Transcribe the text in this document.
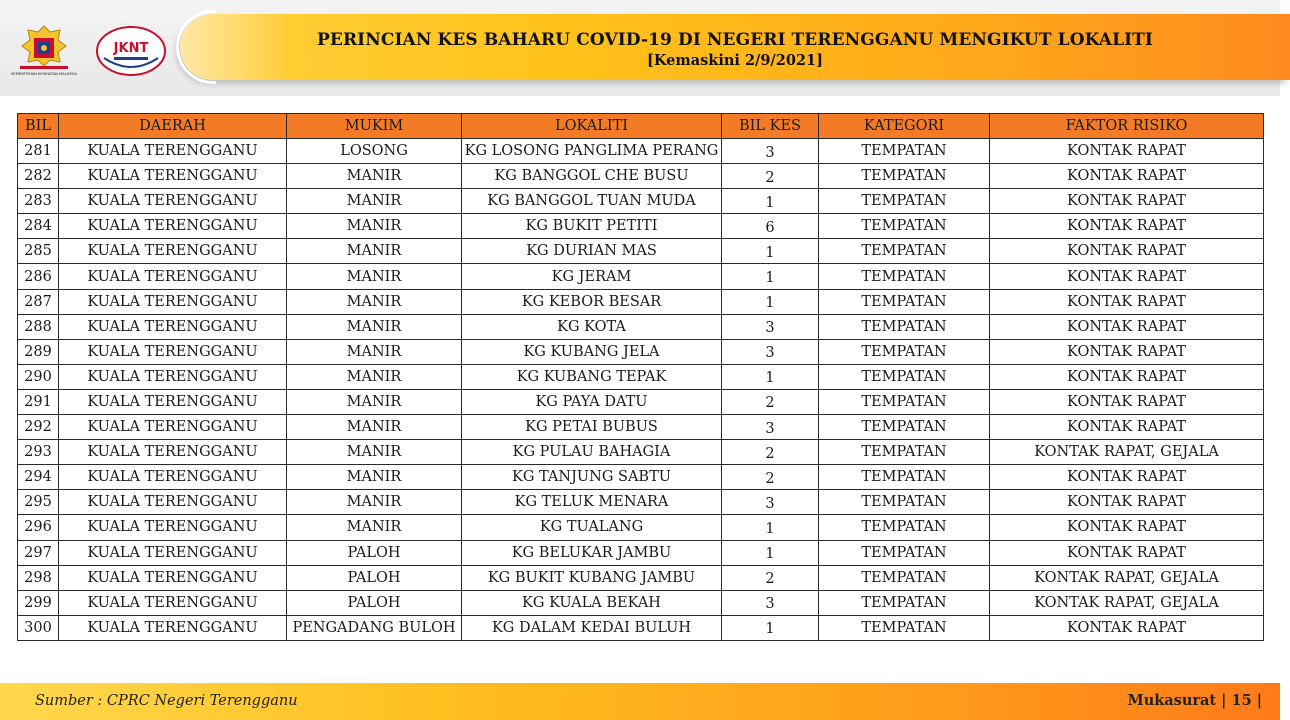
KEMENTERIAN KESIHATAN MALAYSIA
JKNT	PERINCIAN KES BAHARU COVID-19 DI NEGERI TERENGGANU MENGIKUT LOKALITI
[Kemaskini 2/9/2021]
BIL	DAERAH	MUKIM	LOKALITI	BIL KES	KATEGORI	FAKTOR RISIKO
281	KUALA TERENGGANU	LOSONG	KG LOSONG PANGLIMA PERANG	3	TEMPATAN	KONTAK RAPAT
282	KUALA TERENGGANU	MANIR	KG BANGGOL CHE BUSU	2	TEMPATAN	KONTAK RAPAT
283	KUALA TERENGGANU	MANIR	KG BANGGOL TUAN MUDA	1	TEMPATAN	KONTAK RAPAT
284	KUALA TERENGGANU	MANIR	KG BUKIT PETITI	6	TEMPATAN	KONTAK RAPAT
285	KUALA TERENGGANU	MANIR	KG DURIAN MAS	1	TEMPATAN	KONTAK RAPAT
286	KUALA TERENGGANU	MANIR	KG JERAM	1	TEMPATAN	KONTAK RAPAT
287	KUALA TERENGGANU	MANIR	KG KEBOR BESAR	1	TEMPATAN	KONTAK RAPAT
288	KUALA TERENGGANU	MANIR	KG KOTA	3	TEMPATAN	KONTAK RAPAT
289	KUALA TERENGGANU	MANIR	KG KUBANG JELA	3	TEMPATAN	KONTAK RAPAT
290	KUALA TERENGGANU	MANIR	KG KUBANG TEPAK	1	TEMPATAN	KONTAK RAPAT
291	KUALA TERENGGANU	MANIR	KG PAYA DATU	2	TEMPATAN	KONTAK RAPAT
292	KUALA TERENGGANU	MANIR	KG PETAI BUBUS	3	TEMPATAN	KONTAK RAPAT
293	KUALA TERENGGANU	MANIR	KG PULAU BAHAGIA	2	TEMPATAN	KONTAK RAPAT, GEJALA
294	KUALA TERENGGANU	MANIR	KG TANJUNG SABTU	2	TEMPATAN	KONTAK RAPAT
295	KUALA TERENGGANU	MANIR	KG TELUK MENARA	3	TEMPATAN	KONTAK RAPAT
296	KUALA TERENGGANU	MANIR	KG TUALANG	1	TEMPATAN	KONTAK RAPAT
297	KUALA TERENGGANU	PALOH	KG BELUKAR JAMBU	1	TEMPATAN	KONTAK RAPAT
298	KUALA TERENGGANU	PALOH	KG BUKIT KUBANG JAMBU	2	TEMPATAN	KONTAK RAPAT, GEJALA
299	KUALA TERENGGANU	PALOH	KG KUALA BEKAH	3	TEMPATAN	KONTAK RAPAT, GEJALA
300	KUALA TERENGGANU	PENGADANG BULOH	KG DALAM KEDAI BULUH	1	TEMPATAN	KONTAK RAPAT
Sumber : CPRC Negeri Terengganu	Mukasurat | 15 |
